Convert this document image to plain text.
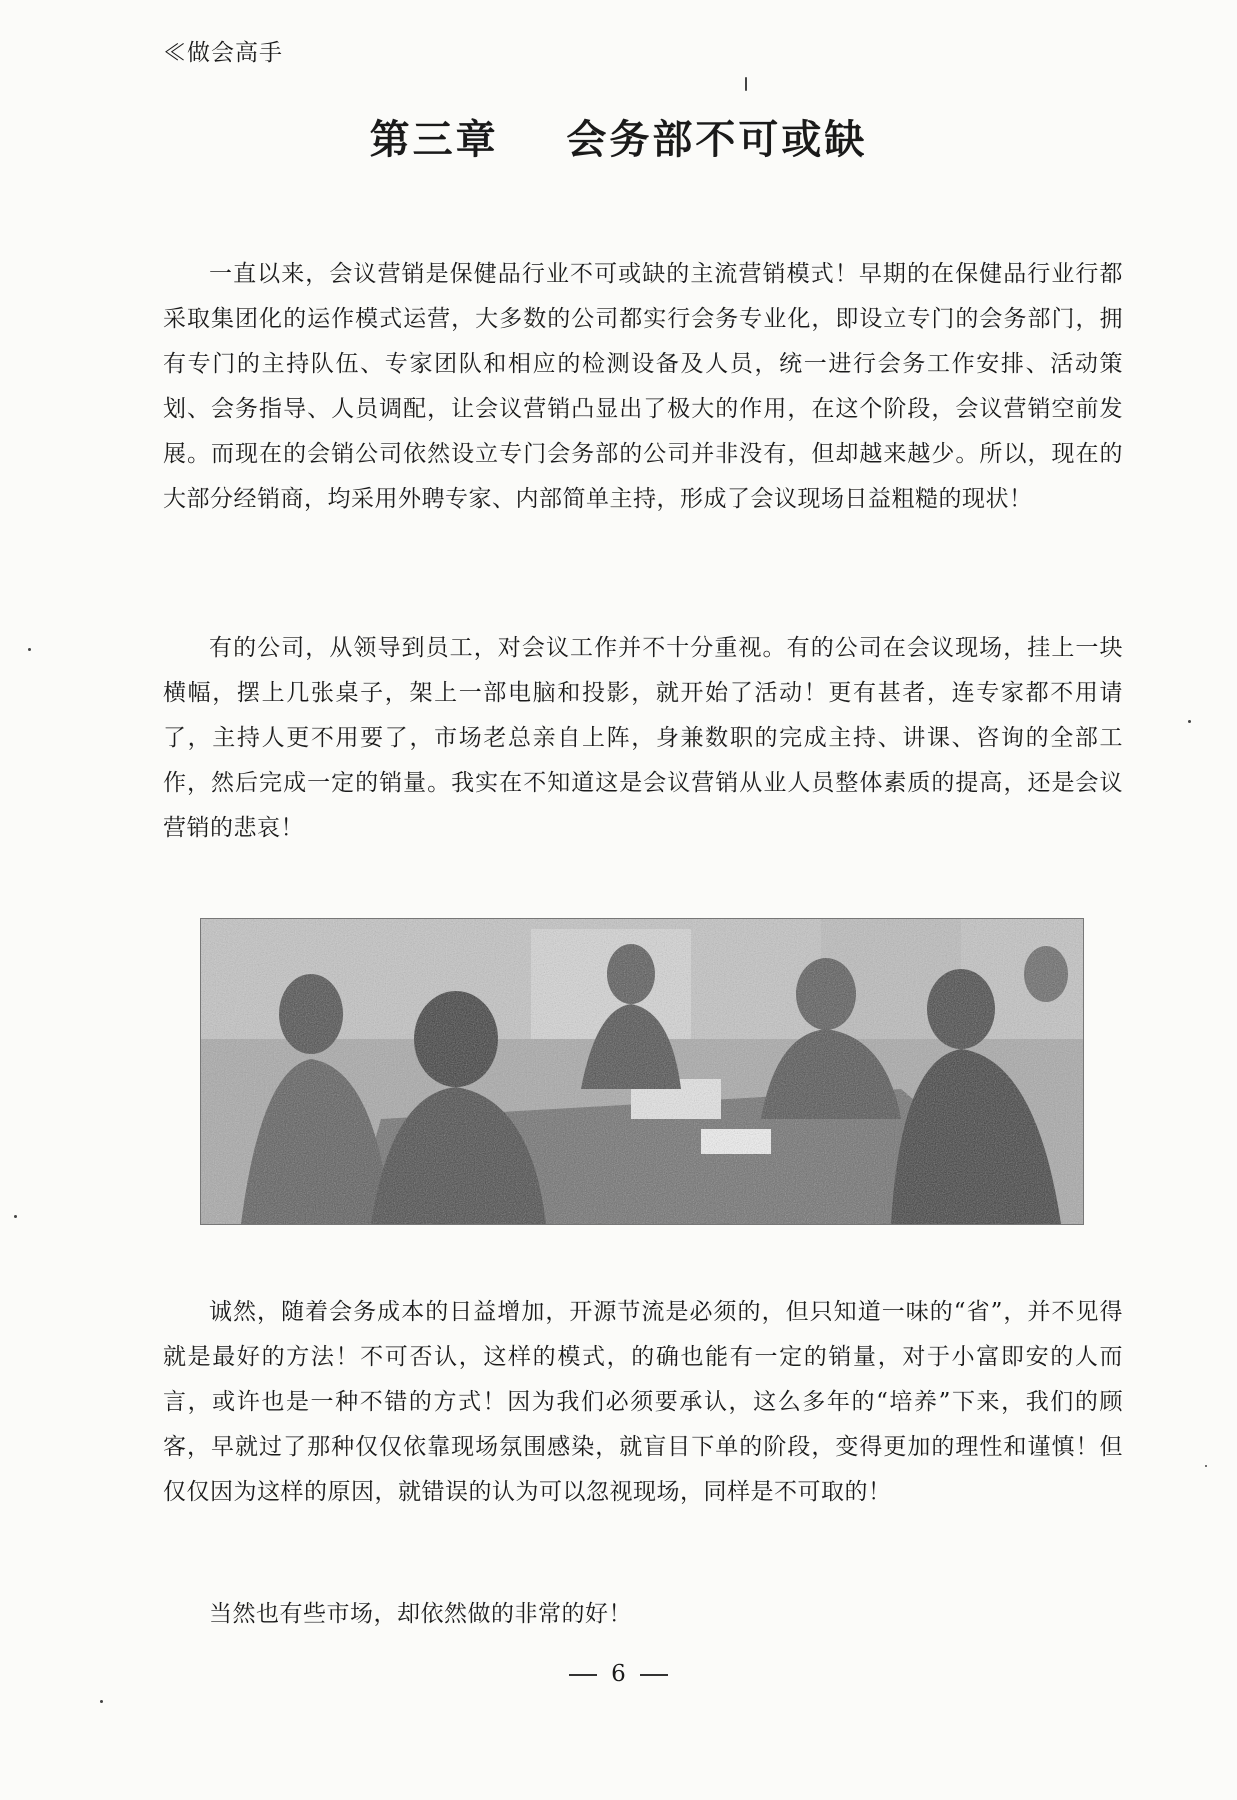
≪做会高手
第三章    会务部不可或缺

一直以来，会议营销是保健品行业不可或缺的主流营销模式！早期的在保健品行业行都采取集团化的运作模式运营，大多数的公司都实行会务专业化，即设立专门的会务部门，拥有专门的主持队伍、专家团队和相应的检测设备及人员，统一进行会务工作安排、活动策划、会务指导、人员调配，让会议营销凸显出了极大的作用，在这个阶段，会议营销空前发展。而现在的会销公司依然设立专门会务部的公司并非没有，但却越来越少。所以，现在的大部分经销商，均采用外聘专家、内部简单主持，形成了会议现场日益粗糙的现状！

有的公司，从领导到员工，对会议工作并不十分重视。有的公司在会议现场，挂上一块横幅，摆上几张桌子，架上一部电脑和投影，就开始了活动！更有甚者，连专家都不用请了，主持人更不用要了，市场老总亲自上阵，身兼数职的完成主持、讲课、咨询的全部工作，然后完成一定的销量。我实在不知道这是会议营销从业人员整体素质的提高，还是会议营销的悲哀！

诚然，随着会务成本的日益增加，开源节流是必须的，但只知道一味的“省”，并不见得就是最好的方法！不可否认，这样的模式，的确也能有一定的销量，对于小富即安的人而言，或许也是一种不错的方式！因为我们必须要承认，这么多年的“培养”下来，我们的顾客，早就过了那种仅仅依靠现场氛围感染，就盲目下单的阶段，变得更加的理性和谨慎！但仅仅因为这样的原因，就错误的认为可以忽视现场，同样是不可取的！

当然也有些市场，却依然做的非常的好！

6
